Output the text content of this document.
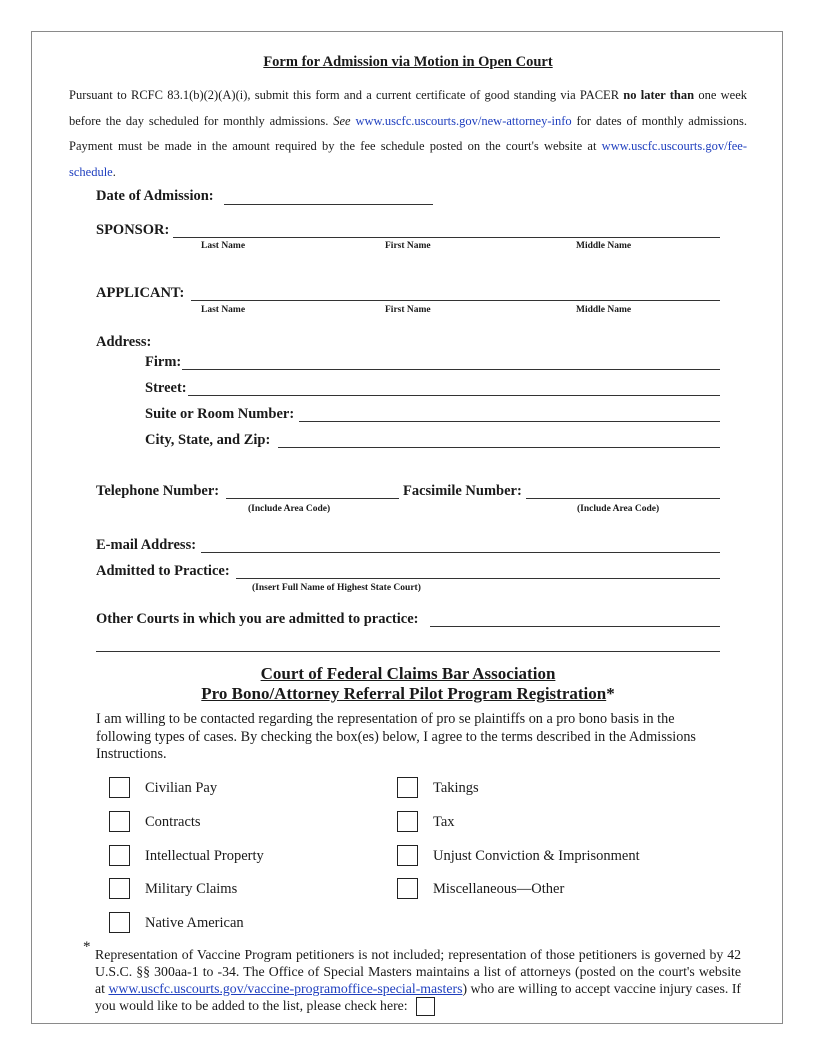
Form for Admission via Motion in Open Court
Pursuant to RCFC 83.1(b)(2)(A)(i), submit this form and a current certificate of good standing via PACER no later than one week before the day scheduled for monthly admissions. See www.uscfc.uscourts.gov/new-attorney-info for dates of monthly admissions. Payment must be made in the amount required by the fee schedule posted on the court's website at www.uscfc.uscourts.gov/fee-schedule.
Date of Admission:
SPONSOR:
Last Name	First Name	Middle Name
APPLICANT:
Last Name	First Name	Middle Name
Address:
Firm:
Street:
Suite or Room Number:
City, State, and Zip:
Telephone Number:	Facsimile Number:
(Include Area Code)	(Include Area Code)
E-mail Address:
Admitted to Practice:
(Insert Full Name of Highest State Court)
Other Courts in which you are admitted to practice:
Court of Federal Claims Bar Association
Pro Bono/Attorney Referral Pilot Program Registration*
I am willing to be contacted regarding the representation of pro se plaintiffs on a pro bono basis in the following types of cases. By checking the box(es) below, I agree to the terms described in the Admissions Instructions.
Civilian Pay
Contracts
Intellectual Property
Military Claims
Native American
Takings
Tax
Unjust Conviction & Imprisonment
Miscellaneous—Other
* Representation of Vaccine Program petitioners is not included; representation of those petitioners is governed by 42 U.S.C. §§ 300aa-1 to -34. The Office of Special Masters maintains a list of attorneys (posted on the court's website at www.uscfc.uscourts.gov/vaccine-programoffice-special-masters) who are willing to accept vaccine injury cases. If you would like to be added to the list, please check here:
